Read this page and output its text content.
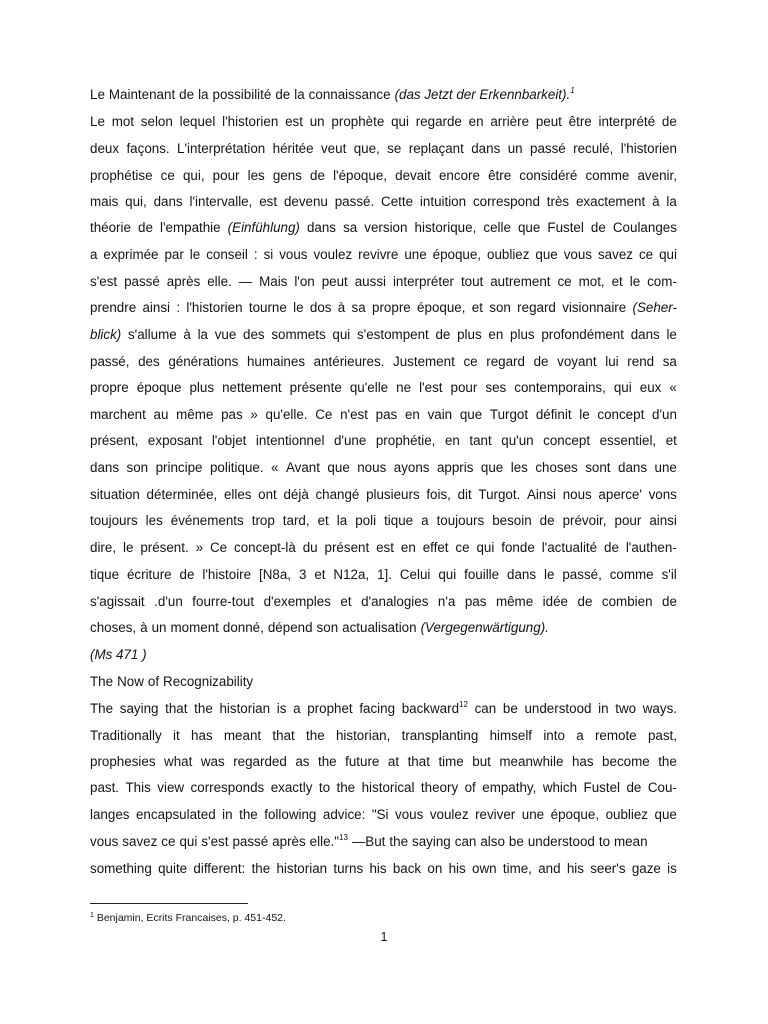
Le Maintenant de la possibilité de la connaissance (das Jetzt der Erkennbarkeit).$^1$
Le mot selon lequel l'historien est un prophète qui regarde en arrière peut être interprété de
deux façons. L'interprétation héritée veut que, se replaçant dans un passé reculé, l'historien
prophétise ce qui, pour les gens de l'époque, devait encore être considéré comme avenir,
mais qui, dans l'intervalle, est devenu passé. Cette intuition correspond très exactement à la
théorie de l'empathie (Einfühlung) dans sa version historique, celle que Fustel de Coulanges
a exprimée par le conseil : si vous voulez revivre une époque, oubliez que vous savez ce qui
s'est passé après elle. — Mais l'on peut aussi interpréter tout autrement ce mot, et le com-
prendre ainsi : l'historien tourne le dos à sa propre époque, et son regard visionnaire (Seher-
blick) s'allume à la vue des sommets qui s'estompent de plus en plus profondément dans le
passé, des générations humaines antérieures. Justement ce regard de voyant lui rend sa
propre époque plus nettement présente qu'elle ne l'est pour ses contemporains, qui eux «
marchent au même pas » qu'elle. Ce n'est pas en vain que Turgot définit le concept d'un
présent, exposant l'objet intentionnel d'une prophétie, en tant qu'un concept essentiel, et
dans son principe politique. « Avant que nous ayons appris que les choses sont dans une
situation déterminée, elles ont déjà changé plusieurs fois, dit Turgot. Ainsi nous aperce' vons
toujours les événements trop tard, et la poli tique a toujours besoin de prévoir, pour ainsi
dire, le présent. » Ce concept-là du présent est en effet ce qui fonde l'actualité de l'authen-
tique écriture de l'histoire [N8a, 3 et N12a, 1]. Celui qui fouille dans le passé, comme s'il
s'agissait .d'un fourre-tout d'exemples et d'analogies n'a pas même idée de combien de
choses, à un moment donné, dépend son actualisation (Vergegenwärtigung).
(Ms 471 )
The Now of Recognizability
The saying that the historian is a prophet facing backward$^{12}$ can be understood in two ways.
Traditionally it has meant that the historian, transplanting himself into a remote past,
prophesies what was regarded as the future at that time but meanwhile has become the
past. This view corresponds exactly to the historical theory of empathy, which Fustel de Cou-
langes encapsulated in the following advice: "Si vous voulez reviver une époque, oubliez que
vous savez ce qui s'est passé après elle."$^{13}$ —But the saying can also be understood to mean
something quite different: the historian turns his back on his own time, and his seer's gaze is
$^1$ Benjamin, Ecrits Francaises, p. 451-452.
1
